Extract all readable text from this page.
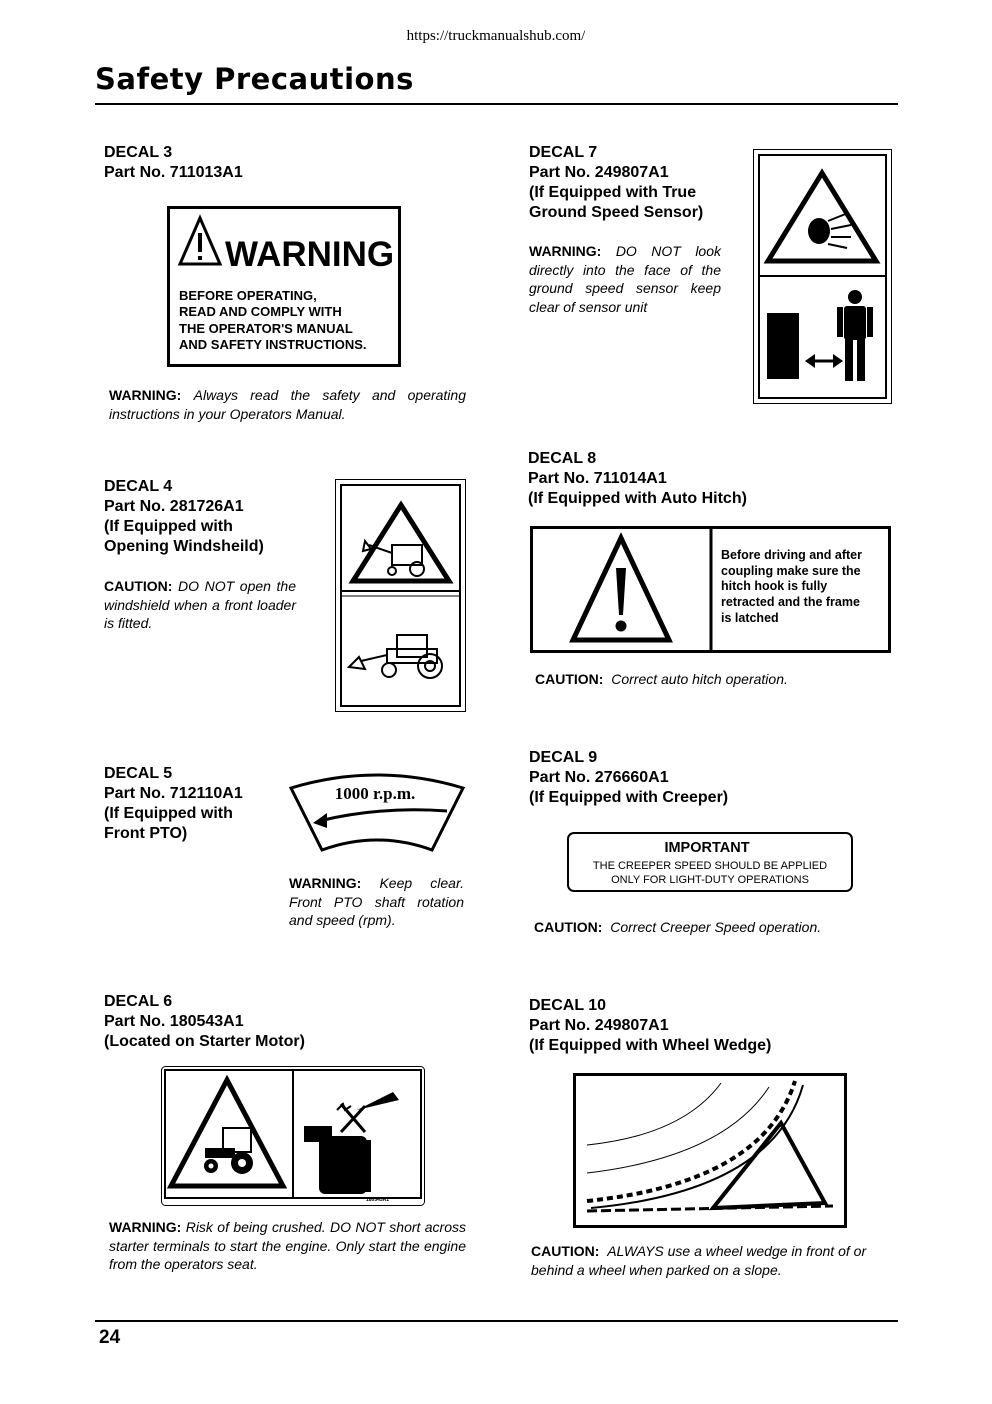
https://truckmanualshub.com/
Safety Precautions
DECAL 3
Part No. 711013A1
WARNING
BEFORE OPERATING,
READ AND COMPLY WITH
THE OPERATOR'S MANUAL
AND SAFETY INSTRUCTIONS.
WARNING: Always read the safety and operating instructions in your Operators Manual.
DECAL 7
Part No. 249807A1
(If Equipped with True
Ground Speed Sensor)
WARNING: DO NOT look directly into the face of the ground speed sensor keep clear of sensor unit
DECAL 4
Part No. 281726A1
(If Equipped with
Opening Windsheild)
CAUTION: DO NOT open the windshield when a front loader is fitted.
DECAL 8
Part No. 711014A1
(If Equipped with Auto Hitch)
Before driving and after
coupling make sure the
hitch hook is fully
retracted and the frame
is latched
CAUTION: Correct auto hitch operation.
DECAL 5
Part No. 712110A1
(If Equipped with
Front PTO)
1000 r.p.m.
WARNING: Keep clear. Front PTO shaft rotation and speed (rpm).
DECAL 9
Part No. 276660A1
(If Equipped with Creeper)
IMPORTANT
THE CREEPER SPEED SHOULD BE APPLIED
ONLY FOR LIGHT-DUTY OPERATIONS
CAUTION: Correct Creeper Speed operation.
DECAL 6
Part No. 180543A1
(Located on Starter Motor)
180543A1
WARNING: Risk of being crushed. DO NOT short across starter terminals to start the engine. Only start the engine from the operators seat.
DECAL 10
Part No. 249807A1
(If Equipped with Wheel Wedge)
CAUTION: ALWAYS use a wheel wedge in front of or behind a wheel when parked on a slope.
24
